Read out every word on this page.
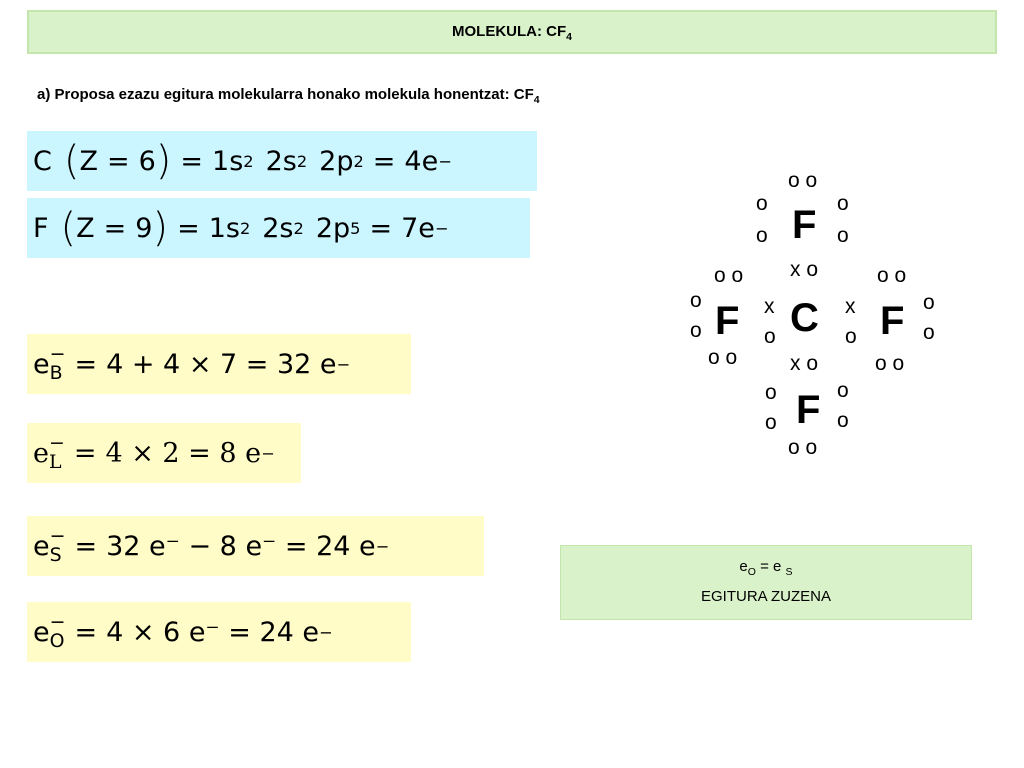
MOLEKULA: $CF_4$
a) Proposa ezazu egitura molekularra honako molekula honentzat: $CF_4$
C ( Z = 6 ) = 1s 2 2s 2 2p 2 = 4e −
F ( Z = 9 ) = 1s 2 2s 2 2p 5 = 7e −
e −
B = 4 + 4 × 7 = 32 e −
e −
L = 4 × 2 = 8 e −
e −
S = 32 e⁻ − 8 e⁻ = 24 e −
e −
O = 4 × 6 e⁻ = 24 e −
$e_O = e$ $_S$
EGITURA ZUZENA
F
o o
o
o
o
o
x o
C
F
o o
o o
o
o
x
o	F
o o
o o
o
o
x
o
x o
F
o
o
o
o
o o
